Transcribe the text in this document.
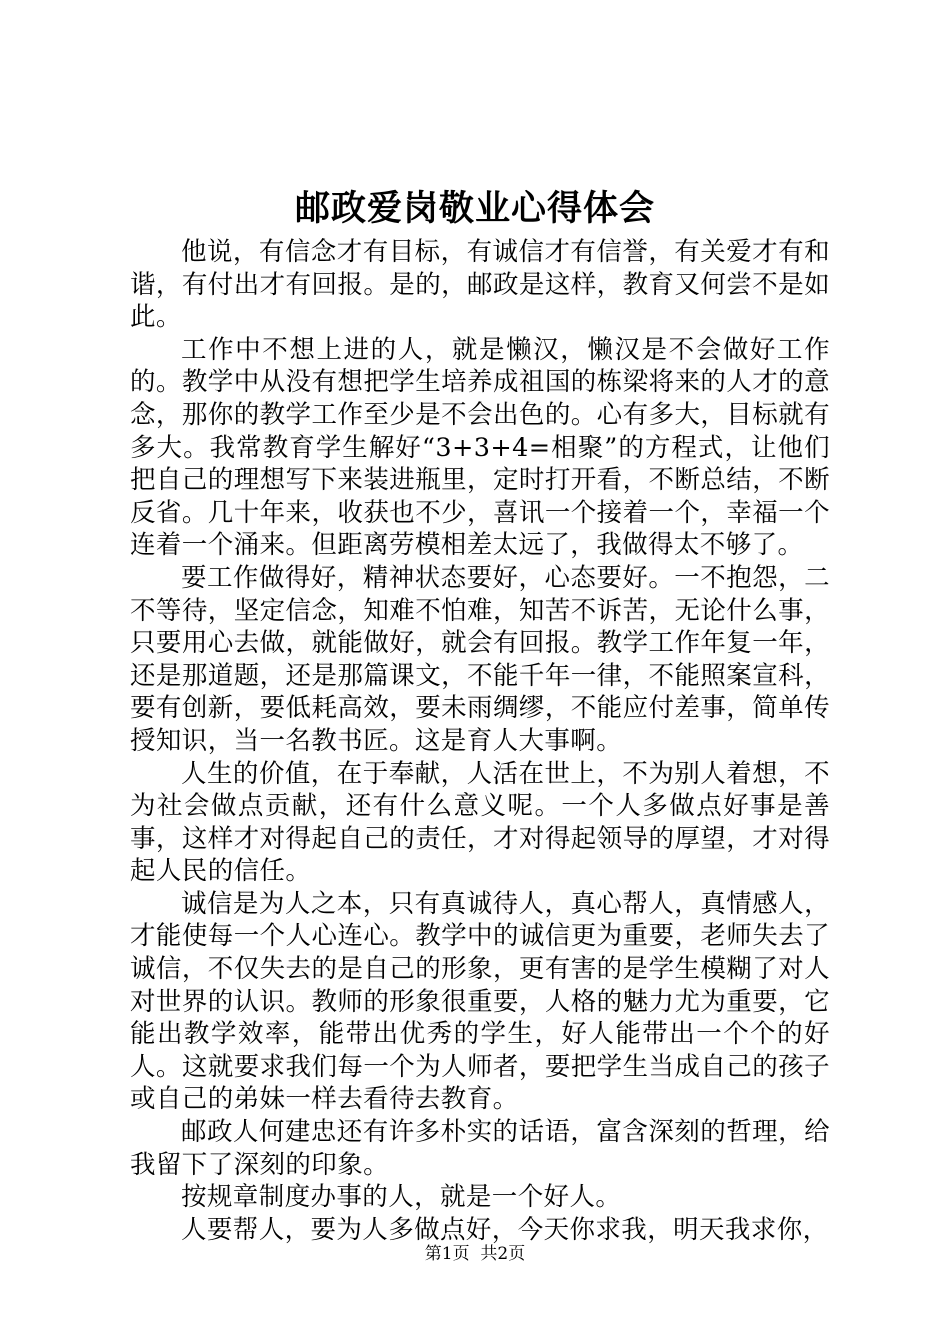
邮政爱岗敬业心得体会

他说，有信念才有目标，有诚信才有信誉，有关爱才有和谐，有付出才有回报。是的，邮政是这样，教育又何尝不是如此。

工作中不想上进的人，就是懒汉，懒汉是不会做好工作的。教学中从没有想把学生培养成祖国的栋梁将来的人才的意念，那你的教学工作至少是不会出色的。心有多大，目标就有多大。我常教育学生解好“3+3+4=相聚”的方程式，让他们把自己的理想写下来装进瓶里，定时打开看，不断总结，不断反省。几十年来，收获也不少，喜讯一个接着一个，幸福一个连着一个涌来。但距离劳模相差太远了，我做得太不够了。

要工作做得好，精神状态要好，心态要好。一不抱怨，二不等待，坚定信念，知难不怕难，知苦不诉苦，无论什么事，只要用心去做，就能做好，就会有回报。教学工作年复一年，还是那道题，还是那篇课文，不能千年一律，不能照案宣科，要有创新，要低耗高效，要未雨绸缪，不能应付差事，简单传授知识，当一名教书匠。这是育人大事啊。

人生的价值，在于奉献，人活在世上，不为别人着想，不为社会做点贡献，还有什么意义呢。一个人多做点好事是善事，这样才对得起自己的责任，才对得起领导的厚望，才对得起人民的信任。

诚信是为人之本，只有真诚待人，真心帮人，真情感人，才能使每一个人心连心。教学中的诚信更为重要，老师失去了诚信，不仅失去的是自己的形象，更有害的是学生模糊了对人对世界的认识。教师的形象很重要，人格的魅力尤为重要，它能出教学效率，能带出优秀的学生，好人能带出一个个的好人。这就要求我们每一个为人师者，要把学生当成自己的孩子或自己的弟妹一样去看待去教育。

邮政人何建忠还有许多朴实的话语，富含深刻的哲理，给我留下了深刻的印象。

按规章制度办事的人，就是一个好人。

人要帮人，要为人多做点好，今天你求我，明天我求你，

第1页 共2页
